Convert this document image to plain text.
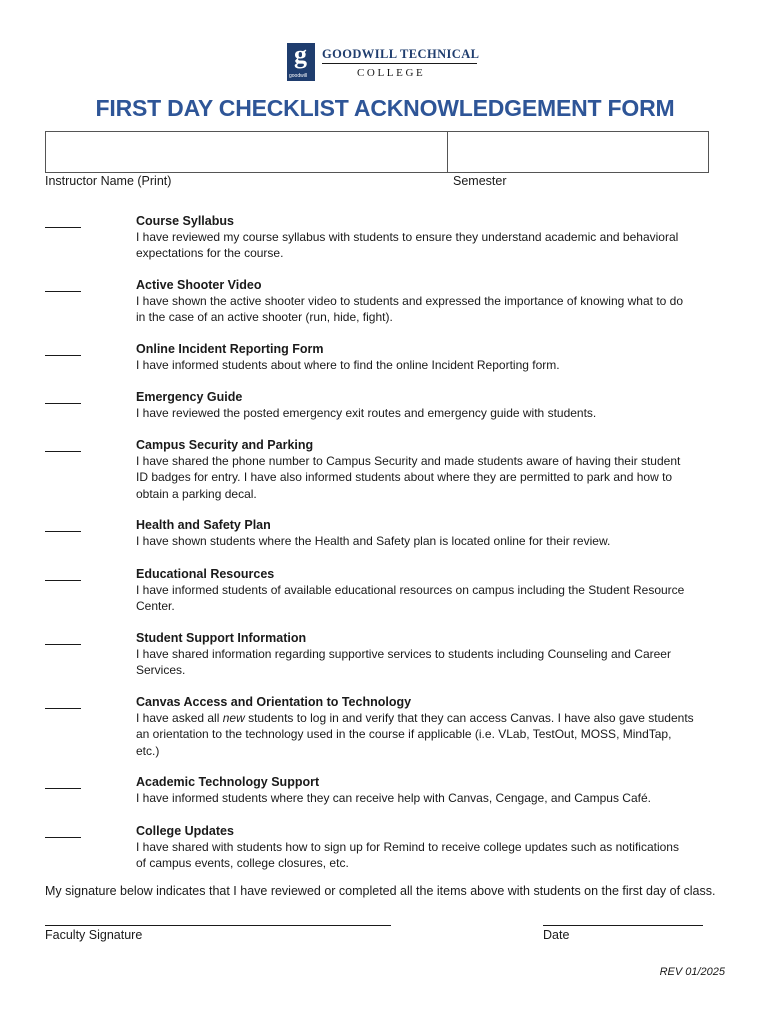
g
goodwill
GOODWILL TECHNICAL
COLLEGE
FIRST DAY CHECKLIST ACKNOWLEDGEMENT FORM
Instructor Name (Print)	Semester
Course Syllabus
I have reviewed my course syllabus with students to ensure they understand academic and behavioral
expectations for the course.
Active Shooter Video
I have shown the active shooter video to students and expressed the importance of knowing what to do
in the case of an active shooter (run, hide, fight).
Online Incident Reporting Form
I have informed students about where to find the online Incident Reporting form.
Emergency Guide
I have reviewed the posted emergency exit routes and emergency guide with students.
Campus Security and Parking
I have shared the phone number to Campus Security and made students aware of having their student
ID badges for entry. I have also informed students about where they are permitted to park and how to
obtain a parking decal.
Health and Safety Plan
I have shown students where the Health and Safety plan is located online for their review.
Educational Resources
I have informed students of available educational resources on campus including the Student Resource
Center.
Student Support Information
I have shared information regarding supportive services to students including Counseling and Career
Services.
Canvas Access and Orientation to Technology
I have asked all new students to log in and verify that they can access Canvas. I have also gave students
an orientation to the technology used in the course if applicable (i.e. VLab, TestOut, MOSS, MindTap,
etc.)
Academic Technology Support
I have informed students where they can receive help with Canvas, Cengage, and Campus Café.
College Updates
I have shared with students how to sign up for Remind to receive college updates such as notifications
of campus events, college closures, etc.
My signature below indicates that I have reviewed or completed all the items above with students on the first day of class.
Faculty Signature	Date
REV 01/2025
